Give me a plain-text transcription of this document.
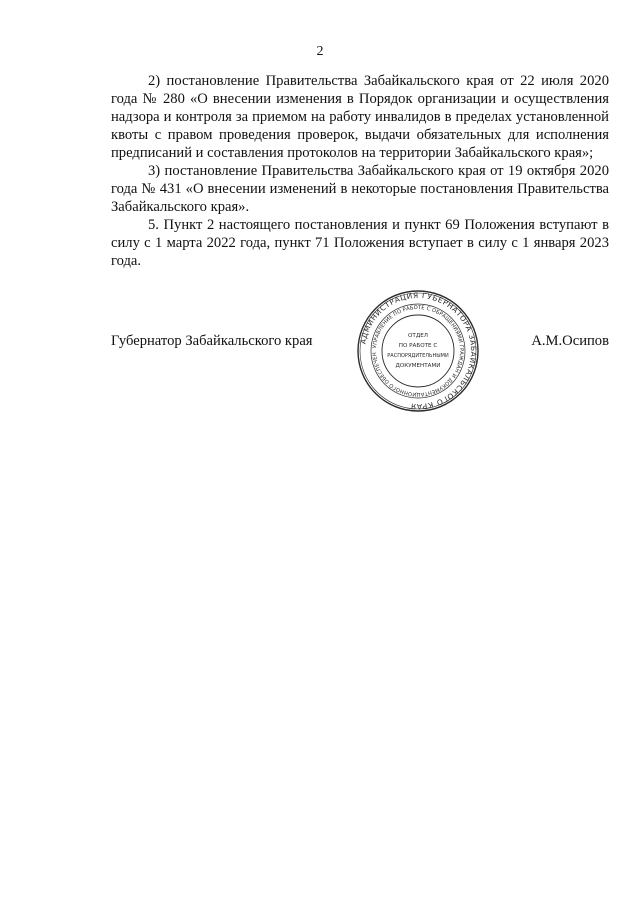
2

2) постановление Правительства Забайкальского края от 22 июля 2020 года № 280 «О внесении изменения в Порядок организации и осуществления надзора и контроля за приемом на работу инвалидов в пределах установленной квоты с правом проведения проверок, выдачи обязательных для исполнения предписаний и составления протоколов на территории Забайкальского края»;

3) постановление Правительства Забайкальского края от 19 октября 2020 года № 431 «О внесении изменений в некоторые постановления Правительства Забайкальского края».

5. Пункт 2 настоящего постановления и пункт 69 Положения вступают в силу с 1 марта 2022 года, пункт 71 Положения вступает в силу с 1 января 2023 года.

Губернатор Забайкальского края	А.М.Осипов
АДМИНИСТРАЦИЯ ГУБЕРНАТОРА ЗАБАЙКАЛЬСКОГО КРАЯ
УПРАВЛЕНИЕ ПО РАБОТЕ С ОБРАЩЕНИЯМИ ГРАЖДАН И ДОКУМЕНТАЦИОННОГО ОБЕСПЕЧЕН
ОТДЕЛ
ПО РАБОТЕ С
РАСПОРЯДИТЕЛЬНЫМИ
ДОКУМЕНТАМИ
